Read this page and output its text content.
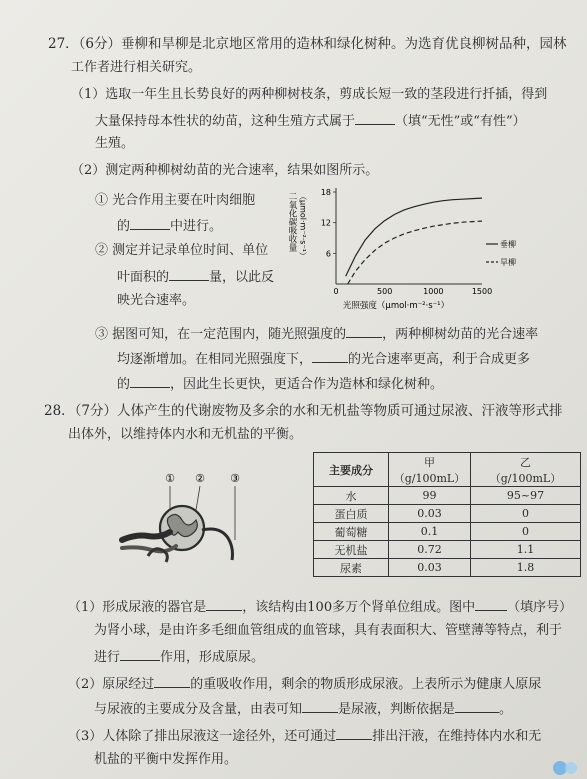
27．（6分）垂柳和旱柳是北京地区常用的造林和绿化树种。为选育优良柳树品种，园林
工作者进行相关研究。
（1）选取一年生且长势良好的两种柳树枝条，剪成长短一致的茎段进行扦插，得到
大量保持母本性状的幼苗，这种生殖方式属于	（填“无性”或“有性”）
生殖。
（2）测定两种柳树幼苗的光合速率，结果如图所示。
① 光合作用主要在叶肉细胞
的	中进行。
② 测定并记录单位时间、单位
叶面积的	量，以此反
映光合速率。
二氧化碳吸收量 （μmol·m⁻²·s⁻¹）
0	500	1000	1500
6
12
18
垂柳
旱柳
光照强度（μmol·m⁻²·s⁻¹）
③ 据图可知，在一定范围内，随光照强度的	，两种柳树幼苗的光合速率
均逐渐增加。在相同光照强度下，	的光合速率更高，利于合成更多
的	，因此生长更快，更适合作为造林和绿化树种。
28．（7分）人体产生的代谢废物及多余的水和无机盐等物质可通过尿液、汗液等形式排
出体外，以维持体内水和无机盐的平衡。
① ② ③
主要成分	甲
（g/100mL）	乙
（g/100mL）
水	99	95~97
蛋白质	0.03	0
葡萄糖	0.1	0
无机盐	0.72	1.1
尿素	0.03	1.8
（1）形成尿液的器官是	，该结构由100多万个肾单位组成。图中 （填序号）
为肾小球，是由许多毛细血管组成的血管球，具有表面积大、管壁薄等特点，利于
进行	作用，形成原尿。
（2）原尿经过	的重吸收作用，剩余的物质形成尿液。上表所示为健康人原尿
与尿液的主要成分及含量，由表可知	是尿液，判断依据是	。
（3）人体除了排出尿液这一途径外，还可通过	排出汗液，在维持体内水和无
机盐的平衡中发挥作用。
